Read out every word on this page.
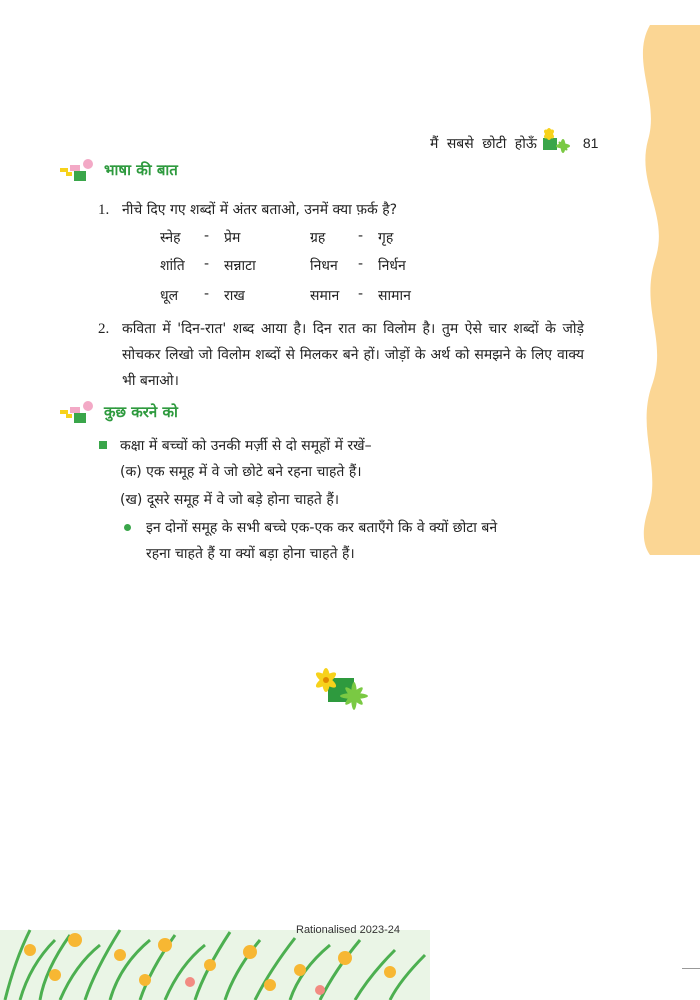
मैं सबसे छोटी होऊँ	81
भाषा की बात
1. नीचे दिए गए शब्दों में अंतर बताओ, उनमें क्या फ़र्क है?
स्नेह - प्रेम	ग्रह - गृह
शांति - सन्नाटा	निधन - निर्धन
धूल - राख	समान - सामान
2. कविता में 'दिन-रात' शब्द आया है। दिन रात का विलोम है। तुम ऐसे चार शब्दों के जोड़े सोचकर लिखो जो विलोम शब्दों से मिलकर बने हों। जोड़ों के अर्थ को समझने के लिए वाक्य भी बनाओ।
कुछ करने को
कक्षा में बच्चों को उनकी मर्ज़ी से दो समूहों में रखें–
(क) एक समूह में वे जो छोटे बने रहना चाहते हैं।
(ख) दूसरे समूह में वे जो बड़े होना चाहते हैं।
इन दोनों समूह के सभी बच्चे एक-एक कर बताएँगे कि वे क्यों छोटा बने
रहना चाहते हैं या क्यों बड़ा होना चाहते हैं।
Rationalised 2023-24
